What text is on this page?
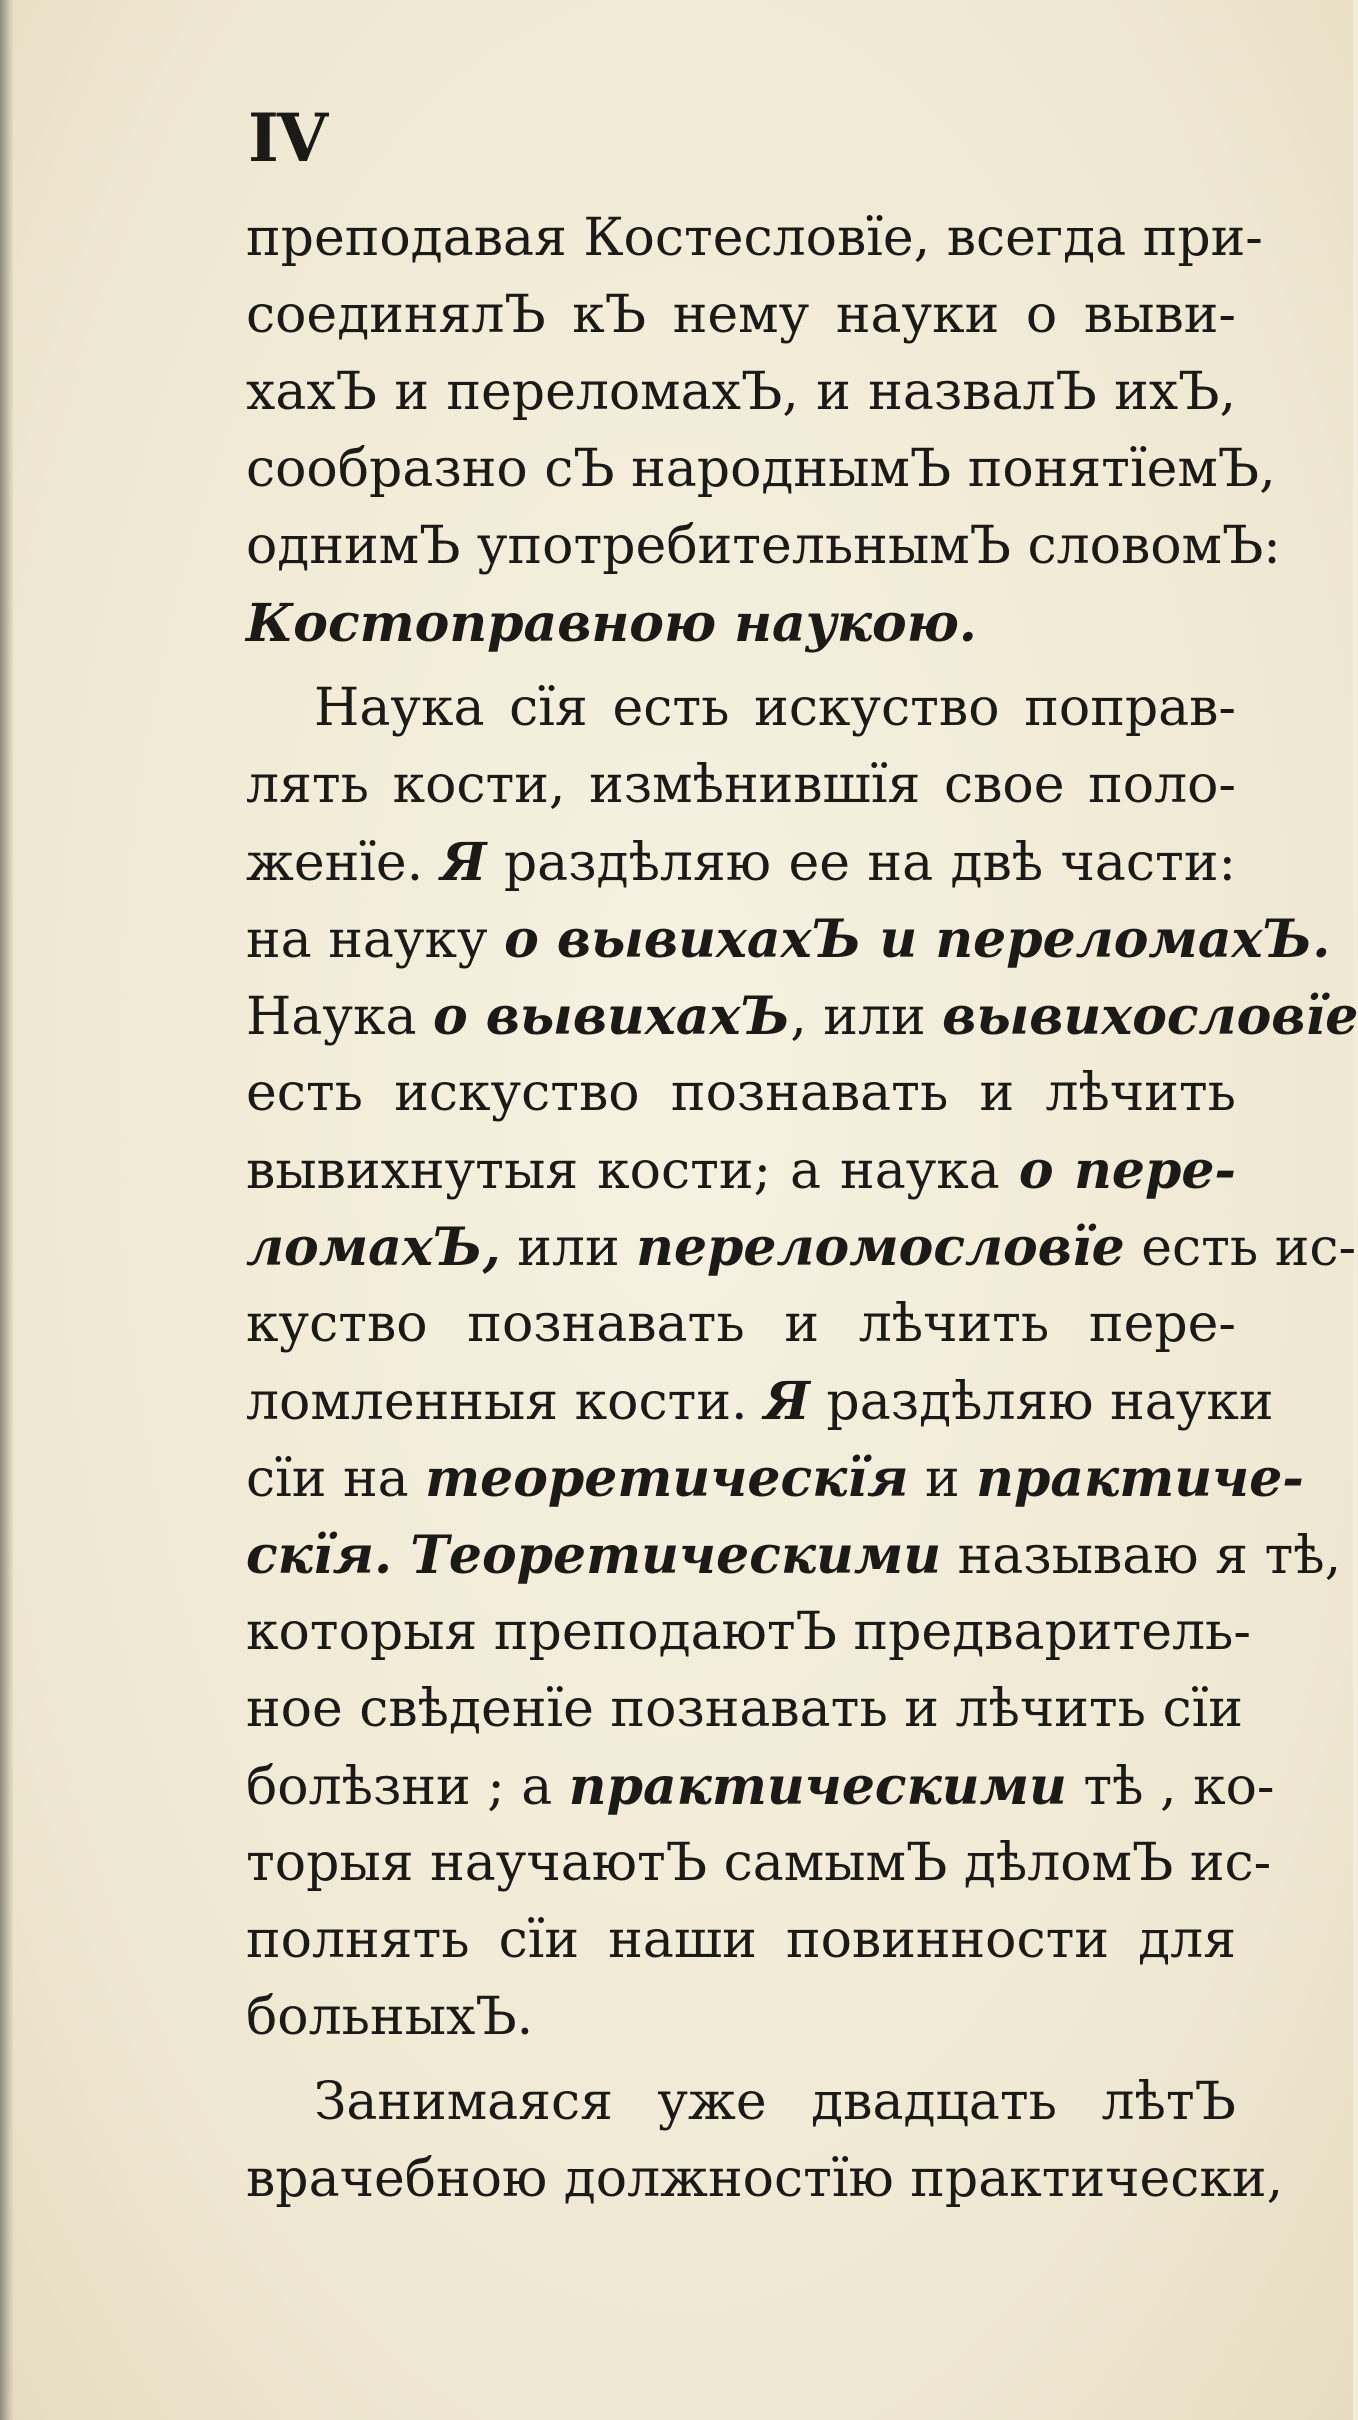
IV

преподавая Костесловїе, всегда при-
соединялЪ кЪ нему науки о выви-
хахЪ и переломахЪ, и назвалЪ ихЪ,
сообразно сЪ народнымЪ понятїемЪ,
однимЪ употребительнымЪ словомЪ:
Костоправною наукою.
Наука сїя есть искуство поправ-
лять кости, измѣнившїя свое поло-
женїе. Я раздѣляю ее на двѣ части:
на науку о вывихахЪ и переломахЪ.
Наука о вывихахЪ, или вывихословїе
есть искуство познавать и лѣчить
вывихнутыя кости; а наука о пере-
ломахЪ, или переломословїе есть ис-
куство познавать и лѣчить пере-
ломленныя кости. Я раздѣляю науки
сїи на теоретическїя и практиче-
скїя. Теоретическими называю я тѣ,
которыя преподаютЪ предваритель-
ное свѣденїе познавать и лѣчить сїи
болѣзни ; а практическими тѣ , ко-
торыя научаютЪ самымЪ дѣломЪ ис-
полнять сїи наши повинности для
больныхЪ.
Занимаяся уже двадцать лѣтЪ
врачебною должностїю практически,
